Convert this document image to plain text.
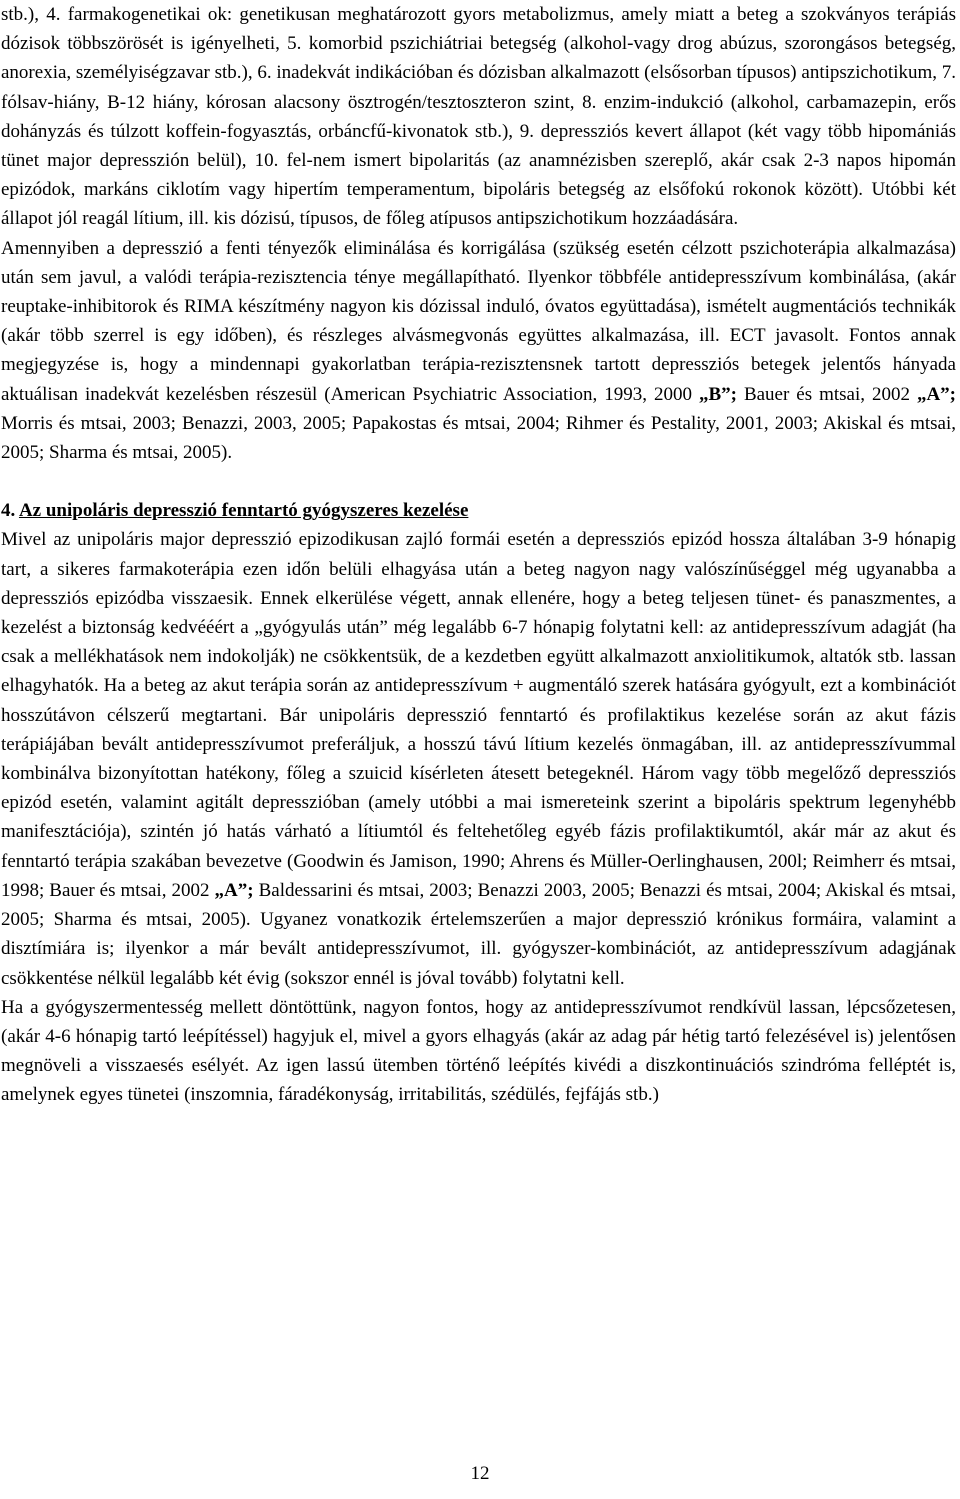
stb.), 4. farmakogenetikai ok: genetikusan meghatározott gyors metabolizmus, amely miatt a beteg a szokványos terápiás dózisok többszörösét is igényelheti, 5. komorbid pszichiátriai betegség (alkohol-vagy drog abúzus, szorongásos betegség, anorexia, személyiségzavar stb.), 6. inadekvát indikációban és dózisban alkalmazott (elsősorban típusos) antipszichotikum, 7. fólsav-hiány, B-12 hiány, kórosan alacsony ösztrogén/tesztoszteron szint, 8. enzim-indukció (alkohol, carbamazepin, erős dohányzás és túlzott koffein-fogyasztás, orbáncfű-kivonatok stb.), 9. depressziós kevert állapot (két vagy több hipomániás tünet major depresszión belül), 10. fel-nem ismert bipolaritás (az anamnézisben szereplő, akár csak 2-3 napos hipomán epizódok, markáns ciklotím vagy hipertím temperamentum, bipoláris betegség az elsőfokú rokonok között). Utóbbi két állapot jól reagál lítium, ill. kis dózisú, típusos, de főleg atípusos antipszichotikum hozzáadására.

Amennyiben a depresszió a fenti tényezők eliminálása és korrigálása (szükség esetén célzott pszichoterápia alkalmazása) után sem javul, a valódi terápia-rezisztencia ténye megállapítható. Ilyenkor többféle antidepresszívum kombinálása, (akár reuptake-inhibitorok és RIMA készítmény nagyon kis dózissal induló, óvatos együttadása), ismételt augmentációs technikák (akár több szerrel is egy időben), és részleges alvásmegvonás együttes alkalmazása, ill. ECT javasolt. Fontos annak megjegyzése is, hogy a mindennapi gyakorlatban terápia-rezisztensnek tartott depressziós betegek jelentős hányada aktuálisan inadekvát kezelésben részesül (American Psychiatric Association, 1993, 2000 „B”; Bauer és mtsai, 2002 „A”; Morris és mtsai, 2003; Benazzi, 2003, 2005; Papakostas és mtsai, 2004; Rihmer és Pestality, 2001, 2003; Akiskal és mtsai, 2005; Sharma és mtsai, 2005).

4. Az unipoláris depresszió fenntartó gyógyszeres kezelése

Mivel az unipoláris major depresszió epizodikusan zajló formái esetén a depressziós epizód hossza általában 3-9 hónapig tart, a sikeres farmakoterápia ezen időn belüli elhagyása után a beteg nagyon nagy valószínűséggel még ugyanabba a depressziós epizódba visszaesik. Ennek elkerülése végett, annak ellenére, hogy a beteg teljesen tünet- és panaszmentes, a kezelést a biztonság kedvééért a „gyógyulás után” még legalább 6-7 hónapig folytatni kell: az antidepresszívum adagját (ha csak a mellékhatások nem indokolják) ne csökkentsük, de a kezdetben együtt alkalmazott anxiolitikumok, altatók stb. lassan elhagyhatók. Ha a beteg az akut terápia során az antidepresszívum + augmentáló szerek hatására gyógyult, ezt a kombinációt hosszútávon célszerű megtartani. Bár unipoláris depresszió fenntartó és profilaktikus kezelése során az akut fázis terápiájában bevált antidepresszívumot preferáljuk, a hosszú távú lítium kezelés önmagában, ill. az antidepresszívummal kombinálva bizonyítottan hatékony, főleg a szuicid kísérleten átesett betegeknél. Három vagy több megelőző depressziós epizód esetén, valamint agitált depresszióban (amely utóbbi a mai ismereteink szerint a bipoláris spektrum legenyhébb manifesztációja), szintén jó hatás várható a lítiumtól és feltehetőleg egyéb fázis profilaktikumtól, akár már az akut és fenntartó terápia szakában bevezetve (Goodwin és Jamison, 1990; Ahrens és Müller-Oerlinghausen, 200l; Reimherr és mtsai, 1998; Bauer és mtsai, 2002 „A”; Baldessarini és mtsai, 2003; Benazzi 2003, 2005; Benazzi és mtsai, 2004; Akiskal és mtsai, 2005; Sharma és mtsai, 2005). Ugyanez vonatkozik értelemszerűen a major depresszió krónikus formáira, valamint a disztímiára is; ilyenkor a már bevált antidepresszívumot, ill. gyógyszer-kombinációt, az antidepresszívum adagjának csökkentése nélkül legalább két évig (sokszor ennél is jóval tovább) folytatni kell.

Ha a gyógyszermentesség mellett döntöttünk, nagyon fontos, hogy az antidepresszívumot rendkívül lassan, lépcsőzetesen, (akár 4-6 hónapig tartó leépítéssel) hagyjuk el, mivel a gyors elhagyás (akár az adag pár hétig tartó felezésével is) jelentősen megnöveli a visszaesés esélyét. Az igen lassú ütemben történő leépítés kivédi a diszkontinuációs szindróma felléptét is, amelynek egyes tünetei (inszomnia, fáradékonyság, irritabilitás, szédülés, fejfájás stb.)

12
